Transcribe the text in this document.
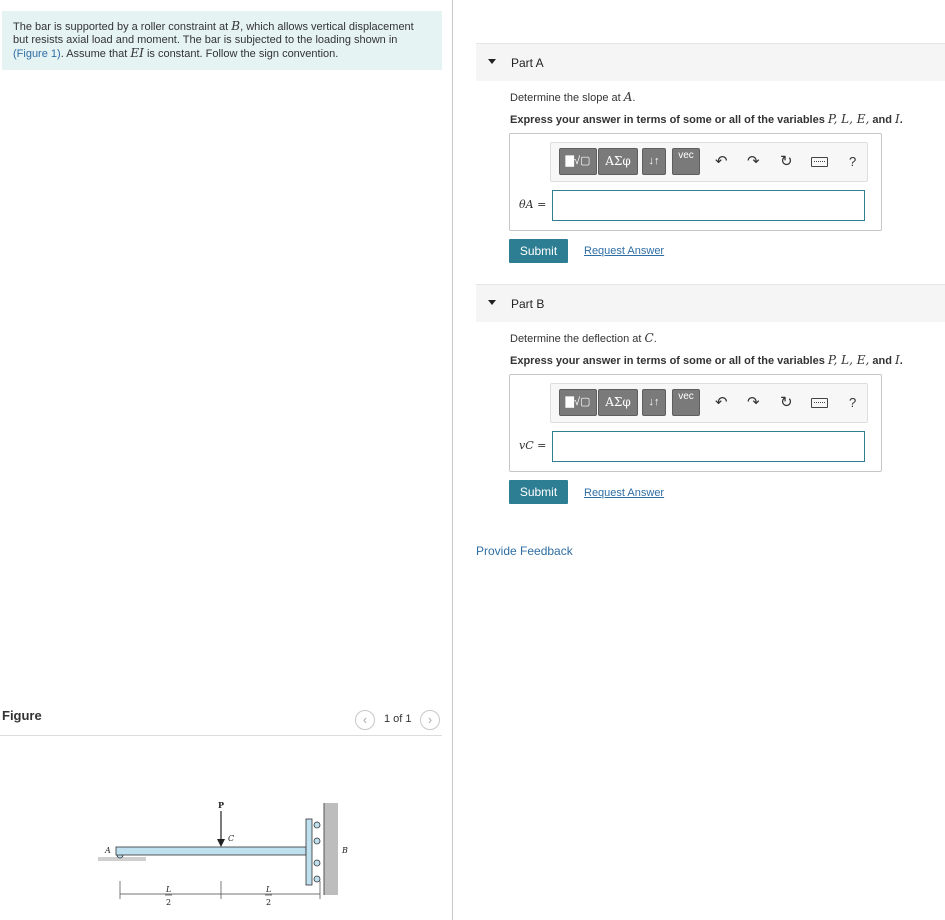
The bar is supported by a roller constraint at B, which allows vertical displacement but resists axial load and moment. The bar is subjected to the loading shown in (Figure 1). Assume that EI is constant. Follow the sign convention.
Figure	‹	1 of 1	›
P
C
A	B
L
2
L
2
Part A
Determine the slope at A.
Express your answer in terms of some or all of the variables P, L, E, and I.
▇√▢	ΑΣφ	↓↑	vec	↶ ↷ ↻	?
θA =
Submit	Request Answer
Part B
Determine the deflection at C.
Express your answer in terms of some or all of the variables P, L, E, and I.
▇√▢	ΑΣφ	↓↑	vec	↶ ↷ ↻	?
vC =
Submit	Request Answer
Provide Feedback
